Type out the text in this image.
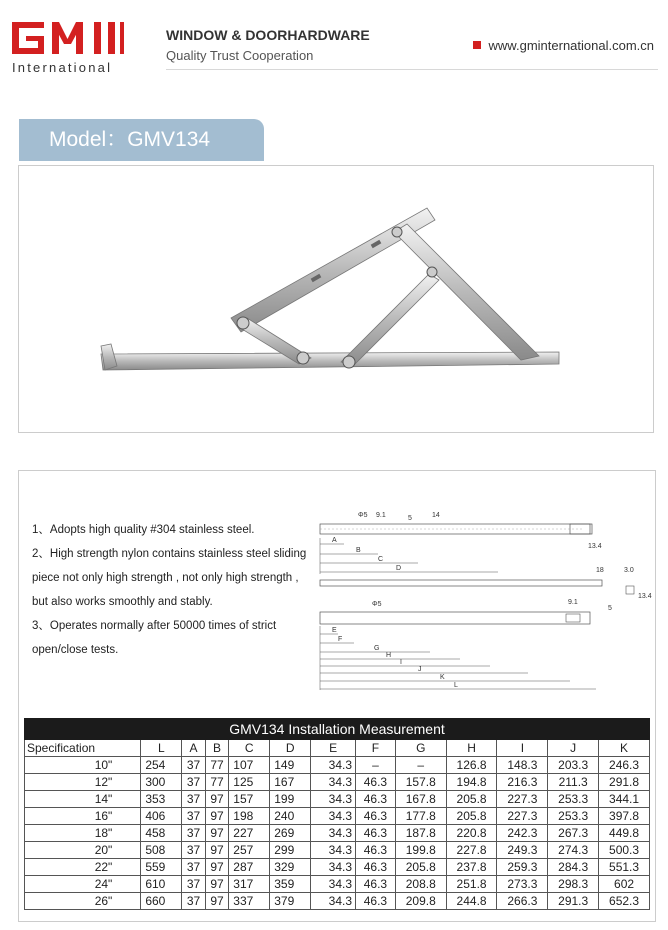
International
WINDOW & DOORHARDWARE
Quality Trust Cooperation
www.gminternational.com.cn
Model：GMV134
1、Adopts high quality #304 stainless steel.
2、High strength nylon contains stainless steel sliding
piece not only high strength , not only high strength ,
but also works smoothly and stably.
3、Operates normally after 50000 times of strict
open/close tests.
Φ5 9.1	5	14
13.4
A
B
C
D	18	3.0
13.4
Φ5	9.1
5
E
F
G
H
I
J
K
L
GMV134 Installation Measurement												
Specification	L	A	B	C	D	E	F	G	H	I	J	K
10"	254	37	77	107	149	34.3	–	–	126.8	148.3	203.3	246.3
12"	300	37	77	125	167	34.3	46.3	157.8	194.8	216.3	211.3	291.8
14"	353	37	97	157	199	34.3	46.3	167.8	205.8	227.3	253.3	344.1
16"	406	37	97	198	240	34.3	46.3	177.8	205.8	227.3	253.3	397.8
18"	458	37	97	227	269	34.3	46.3	187.8	220.8	242.3	267.3	449.8
20"	508	37	97	257	299	34.3	46.3	199.8	227.8	249.3	274.3	500.3
22"	559	37	97	287	329	34.3	46.3	205.8	237.8	259.3	284.3	551.3
24"	610	37	97	317	359	34.3	46.3	208.8	251.8	273.3	298.3	602
26"	660	37	97	337	379	34.3	46.3	209.8	244.8	266.3	291.3	652.3
